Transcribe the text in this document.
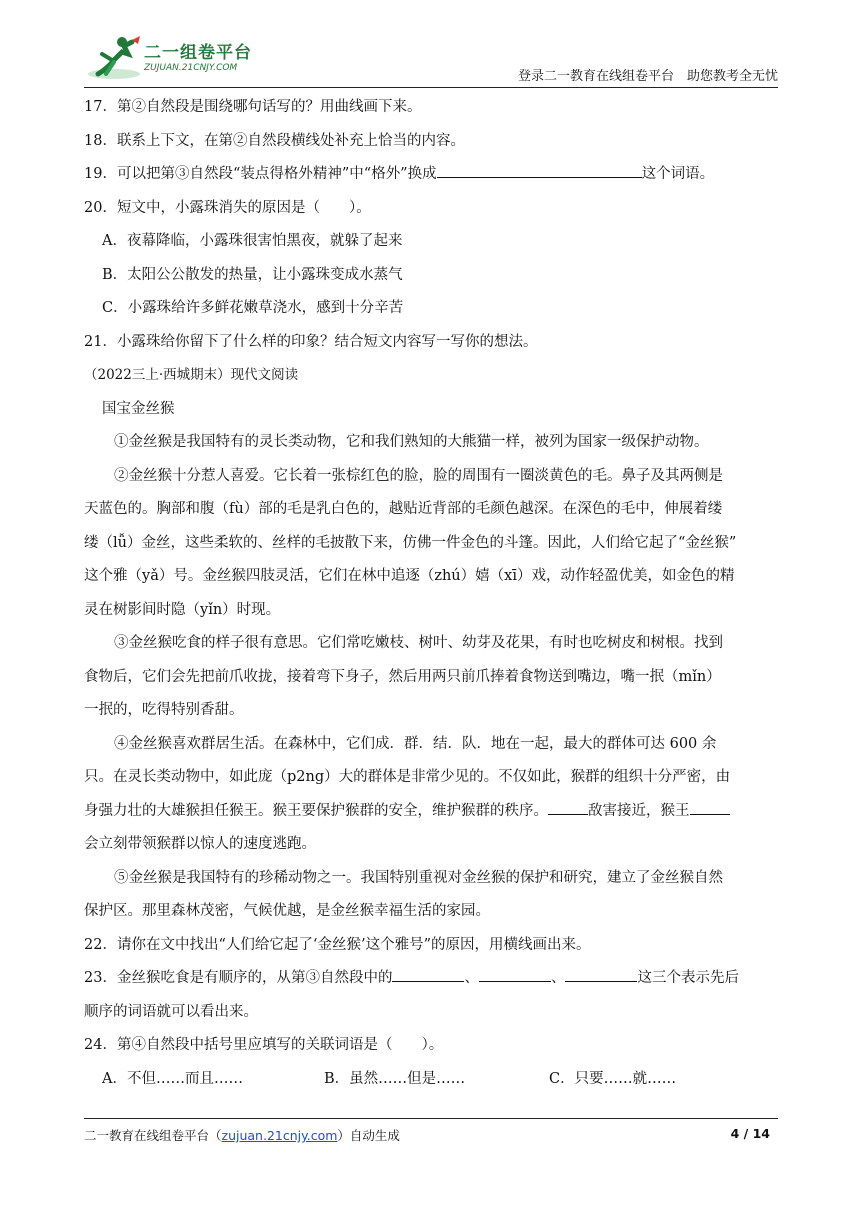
二一组卷平台
ZUJUAN.21CNJY.COM
登录二一教育在线组卷平台　助您教考全无忧
17．第②自然段是围绕哪句话写的？用曲线画下来。
18．联系上下文，在第②自然段横线处补充上恰当的内容。
19．可以把第③自然段“装点得格外精神”中“格外”换成	这个词语。
20．短文中，小露珠消失的原因是（　　）。
A．夜幕降临，小露珠很害怕黑夜，就躲了起来
B．太阳公公散发的热量，让小露珠变成水蒸气
C．小露珠给许多鲜花嫩草浇水，感到十分辛苦
21．小露珠给你留下了什么样的印象？结合短文内容写一写你的想法。
（2022三上·西城期末）现代文阅读
国宝金丝猴
①金丝猴是我国特有的灵长类动物，它和我们熟知的大熊猫一样，被列为国家一级保护动物。
②金丝猴十分惹人喜爱。它长着一张棕红色的脸，脸的周围有一圈淡黄色的毛。鼻子及其两侧是
天蓝色的。胸部和腹（fù）部的毛是乳白色的，越贴近背部的毛颜色越深。在深色的毛中，伸展着缕
缕（lǚ）金丝，这些柔软的、丝样的毛披散下来，仿佛一件金色的斗篷。因此，人们给它起了“金丝猴”
这个雅（yǎ）号。金丝猴四肢灵活，它们在林中追逐（zhú）嬉（xī）戏，动作轻盈优美，如金色的精
灵在树影间时隐（yǐn）时现。
③金丝猴吃食的样子很有意思。它们常吃嫩枝、树叶、幼芽及花果，有时也吃树皮和树根。找到
食物后，它们会先把前爪收拢，接着弯下身子，然后用两只前爪捧着食物送到嘴边，嘴一抿（mǐn）
一抿的，吃得特别香甜。
④金丝猴喜欢群居生活。在森林中，它们成．群．结．队．地在一起，最大的群体可达 600 余
只。在灵长类动物中，如此庞（p2ng）大的群体是非常少见的。不仅如此，猴群的组织十分严密，由
身强力壮的大雄猴担任猴王。猴王要保护猴群的安全，维护猴群的秩序。	敌害接近，猴王
会立刻带领猴群以惊人的速度逃跑。
⑤金丝猴是我国特有的珍稀动物之一。我国特别重视对金丝猴的保护和研究，建立了金丝猴自然
保护区。那里森林茂密，气候优越，是金丝猴幸福生活的家园。
22．请你在文中找出“人们给它起了‘金丝猴’这个雅号”的原因，用横线画出来。
23．金丝猴吃食是有顺序的，从第③自然段中的	、	、	这三个表示先后
顺序的词语就可以看出来。
24．第④自然段中括号里应填写的关联词语是（　　）。
A．不但……而且……	B．虽然……但是……	C．只要……就……
二一教育在线组卷平台（zujuan.21cnjy.com）自动生成	4 / 14
